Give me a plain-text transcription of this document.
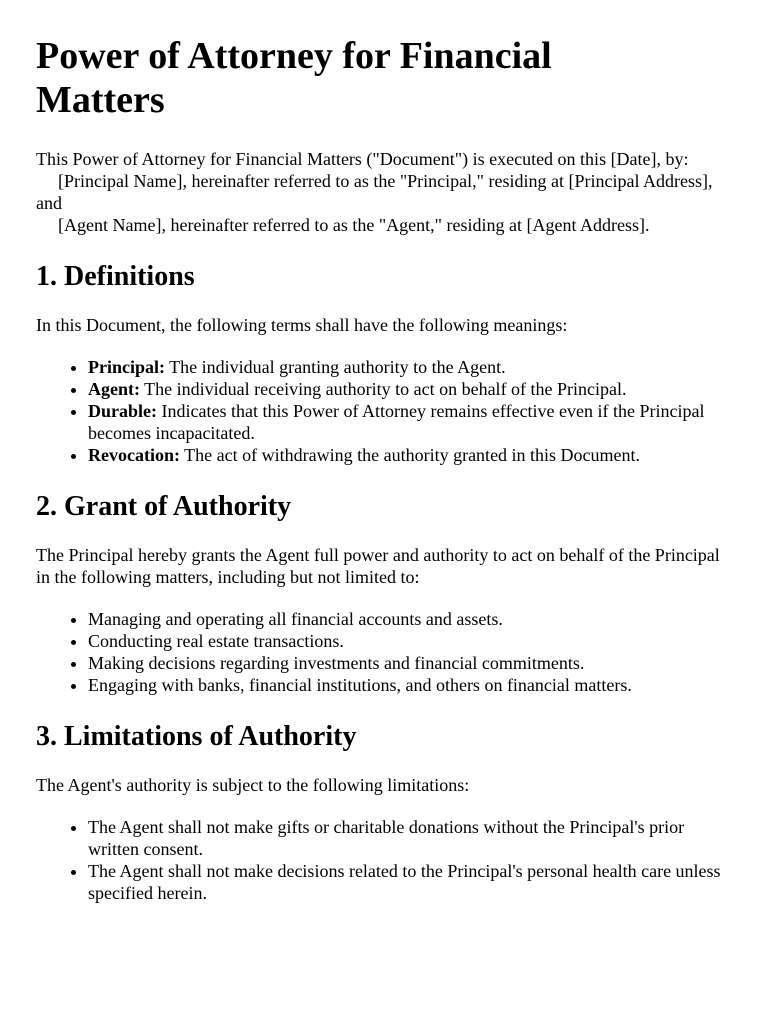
Power of Attorney for Financial Matters

This Power of Attorney for Financial Matters ("Document") is executed on this [Date], by:
[Principal Name], hereinafter referred to as the "Principal," residing at [Principal Address],
and
[Agent Name], hereinafter referred to as the "Agent," residing at [Agent Address].

1. Definitions

In this Document, the following terms shall have the following meanings:

• Principal: The individual granting authority to the Agent.
• Agent: The individual receiving authority to act on behalf of the Principal.
• Durable: Indicates that this Power of Attorney remains effective even if the Principal becomes incapacitated.
• Revocation: The act of withdrawing the authority granted in this Document.
2. Grant of Authority

The Principal hereby grants the Agent full power and authority to act on behalf of the Principal in the following matters, including but not limited to:

• Managing and operating all financial accounts and assets.
• Conducting real estate transactions.
• Making decisions regarding investments and financial commitments.
• Engaging with banks, financial institutions, and others on financial matters.
3. Limitations of Authority

The Agent's authority is subject to the following limitations:

• The Agent shall not make gifts or charitable donations without the Principal's prior written consent.
• The Agent shall not make decisions related to the Principal's personal health care unless specified herein.
